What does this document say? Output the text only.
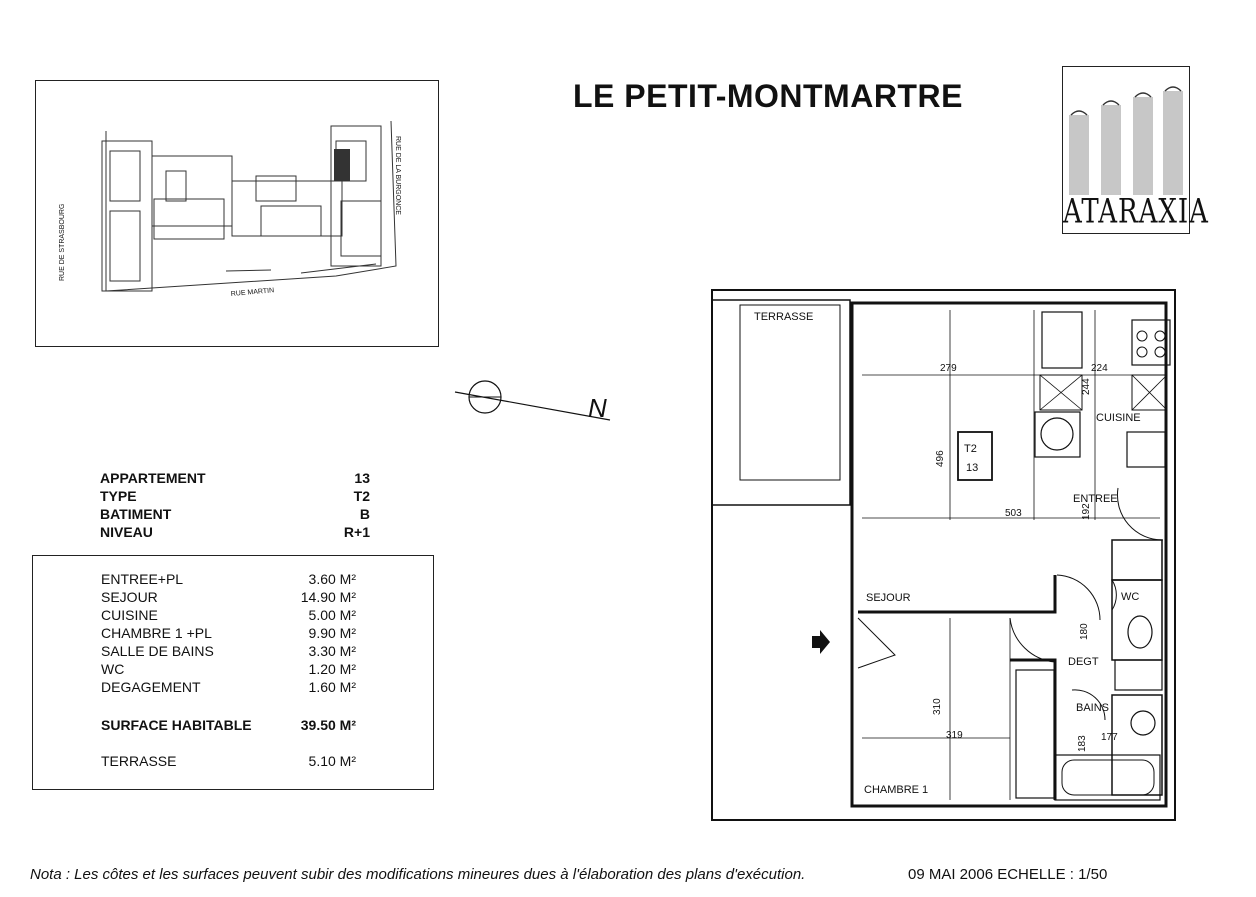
LE PETIT-MONTMARTRE
ATARAXIA
RUE DE STRASBOURG
RUE DE LA BURGONCE
RUE MARTIN
N
APPARTEMENT	13
TYPE	T2
BATIMENT	B
NIVEAU	R+1
ENTREE+PL	3.60 M²
SEJOUR	14.90 M²
CUISINE	5.00 M²
CHAMBRE 1 +PL	9.90 M²
SALLE DE BAINS	3.30 M²
WC	1.20 M²
DEGAGEMENT	1.60 M²
SURFACE HABITABLE	39.50 M²
TERRASSE	5.10 M²
TERRASSE
CUISINE
ENTREE
SEJOUR	WC
DEGT
BAINS
CHAMBRE 1
T2
13
279	224
244
496
503	192
180
310
319	183 177
Nota : Les côtes et les surfaces peuvent subir des modifications mineures dues à l'élaboration des plans d'exécution.	09 MAI 2006 ECHELLE : 1/50
